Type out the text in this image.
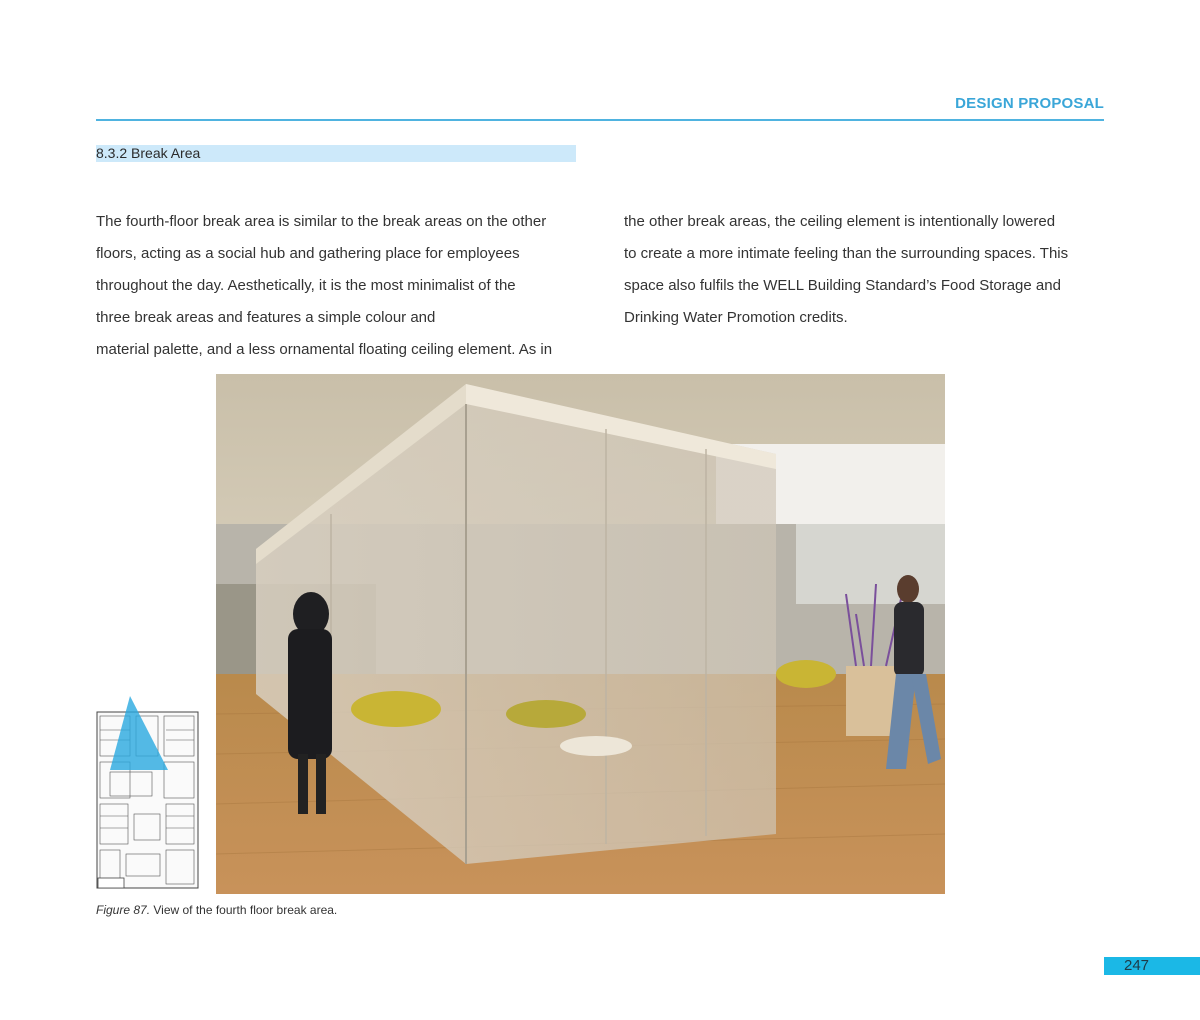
DESIGN PROPOSAL
8.3.2 Break Area
The fourth-floor break area is similar to the break areas on the other
floors, acting as a social hub and gathering place for employees
throughout the day. Aesthetically, it is the most minimalist of the
three break areas and features a simple colour and
material palette, and a less ornamental floating ceiling element. As in
the other break areas, the ceiling element is intentionally lowered
to create a more intimate feeling than the surrounding spaces. This
space also fulfils the WELL Building Standard’s Food Storage and
Drinking Water Promotion credits.
Figure 87. View of the fourth floor break area.
247
